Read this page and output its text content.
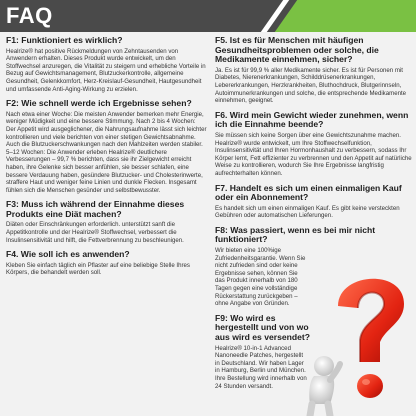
FAQ

F1: Funktioniert es wirklich?

Healrize® hat positive Rückmeldungen von Zehntausenden von Anwendern erhalten. Dieses Produkt wurde entwickelt, um den Stoffwechsel anzuregen, die Vitalität zu steigern und erhebliche Vorteile in Bezug auf Gewichtsmanagement, Blutzuckerkontrolle, allgemeine Gesundheit, Gelenkkomfort, Herz-Kreislauf-Gesundheit, Hautgesundheit und umfassende Anti-Aging-Wirkung zu erzielen.

F2: Wie schnell werde ich Ergebnisse sehen?

Nach etwa einer Woche: Die meisten Anwender bemerken mehr Energie, weniger Müdigkeit und eine bessere Stimmung. Nach 2 bis 4 Wochen: Der Appetit wird ausgeglichener, die Nahrungsaufnahme lässt sich leichter kontrollieren und viele berichten von einer stetigen Gewichtsabnahme. Auch die Blutzuckerschwankungen nach den Mahlzeiten werden stabiler. 5–12 Wochen: Die Anwender erleben Healrize® deutlichere Verbesserungen – 99,7 % berichten, dass sie ihr Zielgewicht erreicht haben, ihre Gelenke sich besser anfühlen, sie besser schlafen, eine bessere Verdauung haben, gesündere Blutzucker- und Cholesterinwerte, straffere Haut und weniger feine Linien und dunkle Flecken. Insgesamt fühlen sich die Menschen gesünder und selbstbewusster.

F3: Muss ich während der Einnahme dieses Produkts eine Diät machen?

Diäten oder Einschränkungen erforderlich. unterstützt sanft die Appetitkontrolle und der Healrize® Stoffwechsel, verbessert die Insulinsensitivität und hilft, die Fettverbrennung zu beschleunigen.

F4. Wie soll ich es anwenden?

Kleben Sie einfach täglich ein Pflaster auf eine beliebige Stelle Ihres Körpers, die behandelt werden soll.

F5. Ist es für Menschen mit häufigen Gesundheitsproblemen oder solche, die Medikamente einnehmen, sicher?

Ja. Es ist für 99,9 % aller Medikamente sicher. Es ist für Personen mit Diabetes, Nierenerkrankungen, Schilddrüsenerkrankungen, Lebererkrankungen, Herzkrankheiten, Bluthochdruck, Blutgerinnseln, Autoimmunerkrankungen und solche, die entsprechende Medikamente einnehmen, geeignet.

F6. Wird mein Gewicht wieder zunehmen, wenn ich die Einnahme beende?

Sie müssen sich keine Sorgen über eine Gewichtszunahme machen. Healrize® wurde entwickelt, um Ihre Stoffwechselfunktion, Insulinsensitivität und Ihren Hormonhaushalt zu verbessern, sodass Ihr Körper lernt, Fett effizienter zu verbrennen und den Appetit auf natürliche Weise zu kontrollieren, wodurch Sie Ihre Ergebnisse langfristig aufrechterhalten können.

F7. Handelt es sich um einen einmaligen Kauf oder ein Abonnement?

Es handelt sich um einen einmaligen Kauf. Es gibt keine versteckten Gebühren oder automatischen Lieferungen.

F8: Was passiert, wenn es bei mir nicht funktioniert?

Wir bieten eine 100%ige Zufriedenheitsgarantie. Wenn Sie nicht zufrieden sind oder keine Ergebnisse sehen, können Sie das Produkt innerhalb von 180 Tagen gegen eine vollständige Rückerstattung zurückgeben – ohne Angabe von Gründen.

F9: Wo wird es hergestellt und von wo aus wird es versendet?

Healrize® 10-in-1 Advanced Nanoneedle Patches, hergestellt in Deutschland. Wir haben Lager in Hamburg, Berlin und München. Ihre Bestellung wird innerhalb von 24 Stunden versandt.
